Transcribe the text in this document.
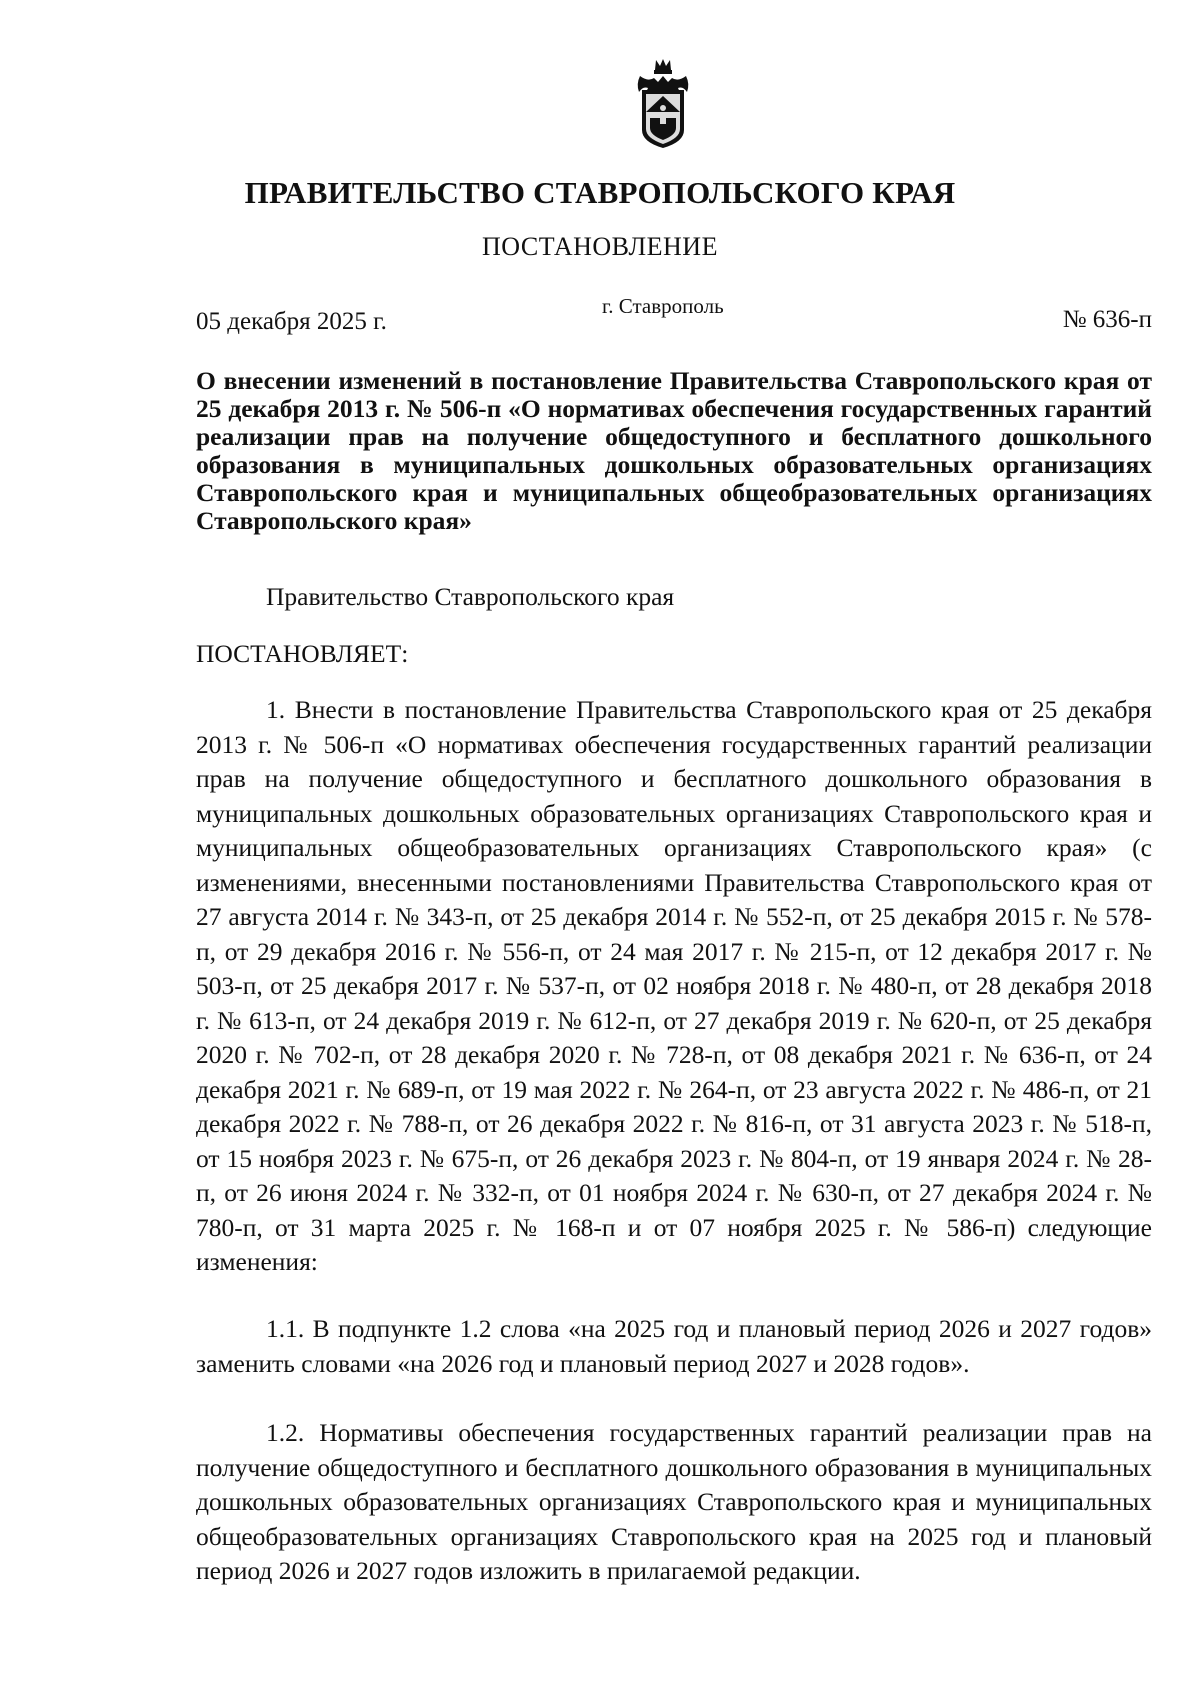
ПРАВИТЕЛЬСТВО СТАВРОПОЛЬСКОГО КРАЯ
ПОСТАНОВЛЕНИЕ
05 декабря 2025 г.
г. Ставрополь	№ 636-п
О внесении изменений в постановление Правительства Ставропольского края от 25 декабря 2013 г. № 506-п «О нормативах обеспечения государственных гарантий реализации прав на получение общедоступного и бесплатного дошкольного образования в муниципальных дошкольных образовательных организациях Ставропольского края и муниципальных общеобразовательных организациях Ставропольского края»
Правительство Ставропольского края
ПОСТАНОВЛЯЕТ:
1. Внести в постановление Правительства Ставропольского края от 25 декабря 2013 г. № 506-п «О нормативах обеспечения государственных гарантий реализации прав на получение общедоступного и бесплатного дошкольного образования в муниципальных дошкольных образовательных организациях Ставропольского края и муниципальных общеобразовательных организациях Ставропольского края» (с изменениями, внесенными постановлениями Правительства Ставропольского края от 27 августа 2014 г. № 343-п, от 25 декабря 2014 г. № 552-п, от 25 декабря 2015 г. № 578-п, от 29 декабря 2016 г. № 556-п, от 24 мая 2017 г. № 215-п, от 12 декабря 2017 г. № 503-п, от 25 декабря 2017 г. № 537-п, от 02 ноября 2018 г. № 480-п, от 28 декабря 2018 г. № 613-п, от 24 декабря 2019 г. № 612-п, от 27 декабря 2019 г. № 620-п, от 25 декабря 2020 г. № 702-п, от 28 декабря 2020 г. № 728-п, от 08 декабря 2021 г. № 636-п, от 24 декабря 2021 г. № 689-п, от 19 мая 2022 г. № 264-п, от 23 августа 2022 г. № 486-п, от 21 декабря 2022 г. № 788-п, от 26 декабря 2022 г. № 816-п, от 31 августа 2023 г. № 518-п, от 15 ноября 2023 г. № 675-п, от 26 декабря 2023 г. № 804-п, от 19 января 2024 г. № 28-п, от 26 июня 2024 г. № 332-п, от 01 ноября 2024 г. № 630-п, от 27 декабря 2024 г. № 780-п, от 31 марта 2025 г. № 168-п и от 07 ноября 2025 г. № 586-п) следующие изменения:
1.1. В подпункте 1.2 слова «на 2025 год и плановый период 2026 и 2027 годов» заменить словами «на 2026 год и плановый период 2027 и 2028 годов».
1.2. Нормативы обеспечения государственных гарантий реализации прав на получение общедоступного и бесплатного дошкольного образования в муниципальных дошкольных образовательных организациях Ставропольского края и муниципальных общеобразовательных организациях Ставропольского края на 2025 год и плановый период 2026 и 2027 годов изложить в прилагаемой редакции.
